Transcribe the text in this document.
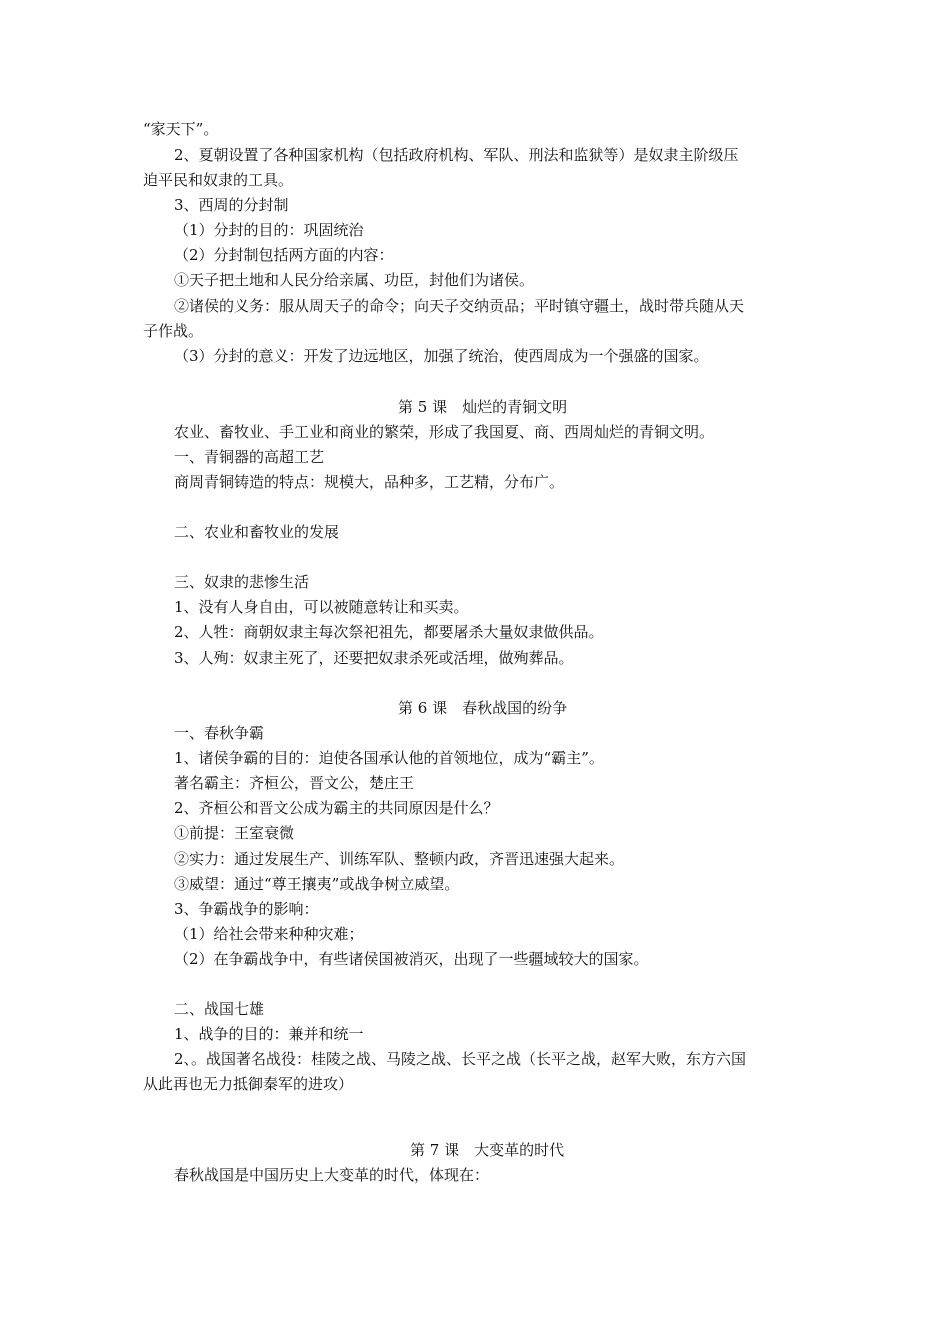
“家天下”。
2、夏朝设置了各种国家机构（包括政府机构、军队、刑法和监狱等）是奴隶主阶级压
迫平民和奴隶的工具。
3、西周的分封制
（1）分封的目的：巩固统治
（2）分封制包括两方面的内容：
①天子把土地和人民分给亲属、功臣，封他们为诸侯。
②诸侯的义务：服从周天子的命令；向天子交纳贡品；平时镇守疆土，战时带兵随从天
子作战。
（3）分封的意义：开发了边远地区，加强了统治，使西周成为一个强盛的国家。
第 5 课　灿烂的青铜文明
农业、畜牧业、手工业和商业的繁荣，形成了我国夏、商、西周灿烂的青铜文明。
一、青铜器的高超工艺
商周青铜铸造的特点：规模大，品种多，工艺精，分布广。
二、农业和畜牧业的发展
三、奴隶的悲惨生活
1、没有人身自由，可以被随意转让和买卖。
2、人牲：商朝奴隶主每次祭祀祖先，都要屠杀大量奴隶做供品。
3、人殉：奴隶主死了，还要把奴隶杀死或活埋，做殉葬品。
第 6 课　春秋战国的纷争
一、春秋争霸
1、诸侯争霸的目的：迫使各国承认他的首领地位，成为“霸主”。
著名霸主：齐桓公，晋文公，楚庄王
2、齐桓公和晋文公成为霸主的共同原因是什么？
①前提：王室衰微
②实力：通过发展生产、训练军队、整顿内政，齐晋迅速强大起来。
③威望：通过“尊王攘夷”或战争树立威望。
3、争霸战争的影响：
（1）给社会带来种种灾难；
（2）在争霸战争中，有些诸侯国被消灭，出现了一些疆域较大的国家。
二、战国七雄
1、战争的目的：兼并和统一
2、。战国著名战役：桂陵之战、马陵之战、长平之战（长平之战，赵军大败，东方六国
从此再也无力抵御秦军的进攻）
第 7 课　大变革的时代
春秋战国是中国历史上大变革的时代，体现在：
